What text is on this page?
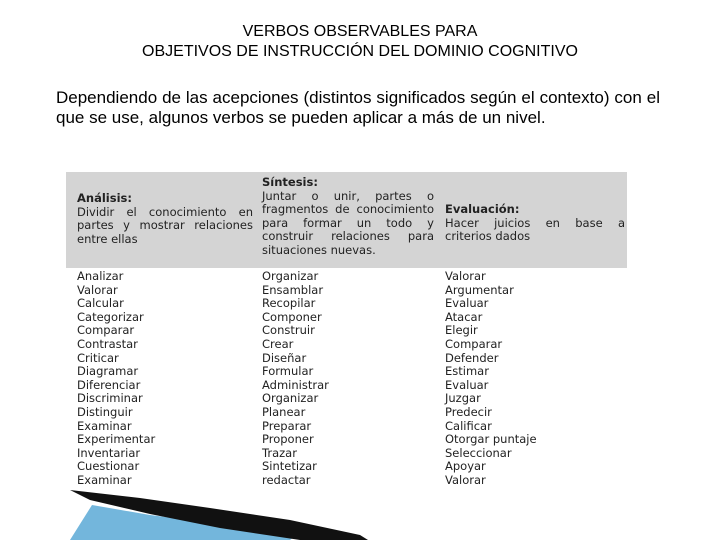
VERBOS OBSERVABLES PARA
OBJETIVOS DE INSTRUCCIÓN DEL DOMINIO COGNITIVO

Dependiendo de las acepciones (distintos significados según el contexto) con el que se use, algunos verbos se pueden aplicar a más de un nivel.

Análisis:
Dividir el conocimiento en partes y mostrar relaciones entre ellas
Analizar
Valorar
Calcular
Categorizar
Comparar
Contrastar
Criticar
Diagramar
Diferenciar
Discriminar
Distinguir
Examinar
Experimentar
Inventariar
Cuestionar
Examinar
Síntesis:
Juntar o unir, partes o fragmentos de conocimiento para formar un todo y construir relaciones para situaciones nuevas.
Organizar
Ensamblar
Recopilar
Componer
Construir
Crear
Diseñar
Formular
Administrar
Organizar
Planear
Preparar
Proponer
Trazar
Sintetizar
redactar
Evaluación:
Hacer juicios en base a criterios dados
Valorar
Argumentar
Evaluar
Atacar
Elegir
Comparar
Defender
Estimar
Evaluar
Juzgar
Predecir
Calificar
Otorgar puntaje
Seleccionar
Apoyar
Valorar
